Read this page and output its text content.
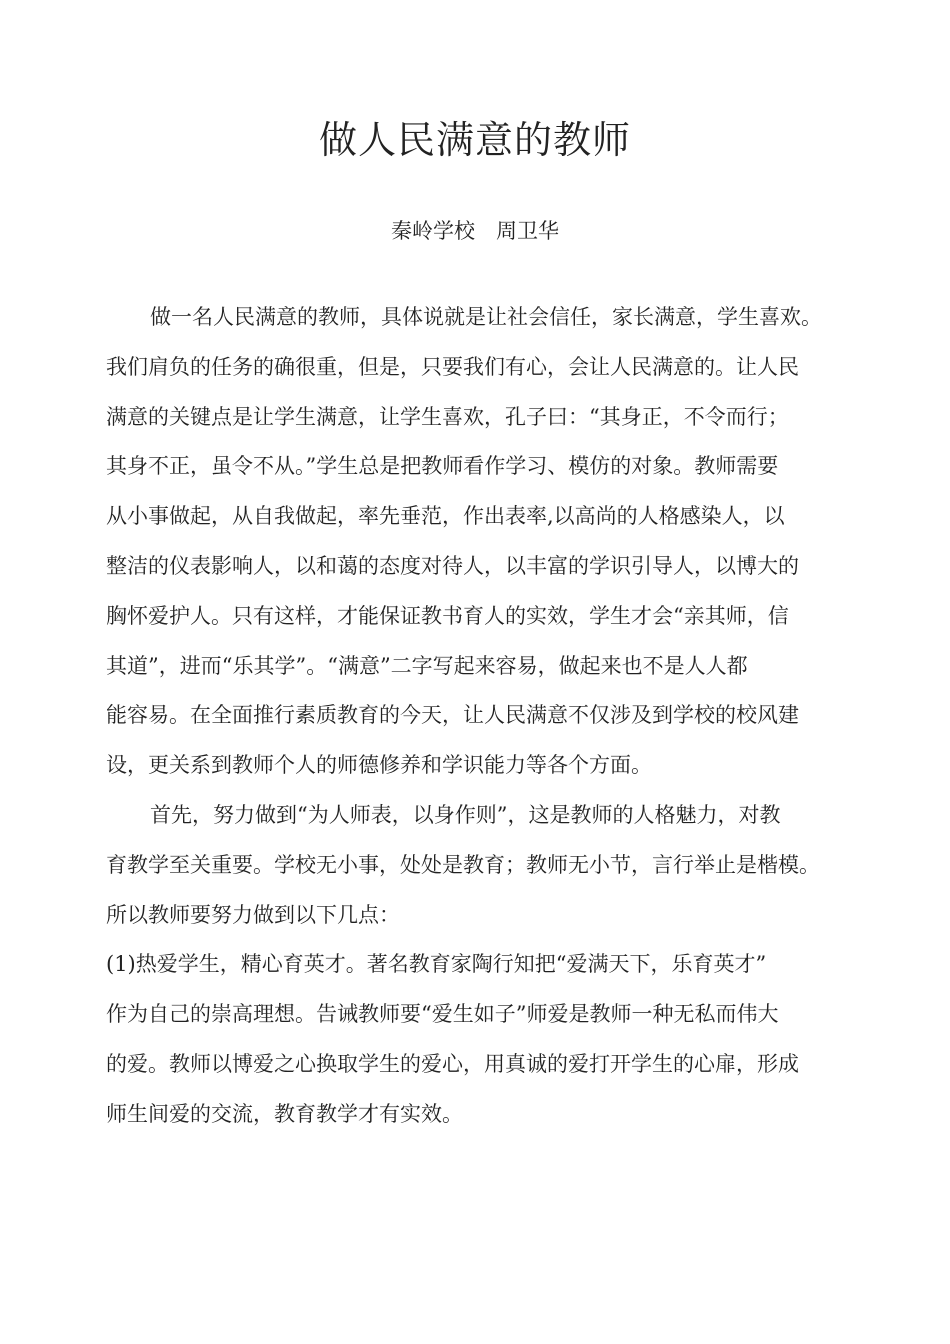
做人民满意的教师
秦岭学校　周卫华
做一名人民满意的教师，具体说就是让社会信任，家长满意，学生喜欢。
我们肩负的任务的确很重，但是，只要我们有心，会让人民满意的。让人民
满意的关键点是让学生满意，让学生喜欢，孔子曰：“其身正，不令而行；
其身不正，虽令不从。”学生总是把教师看作学习、模仿的对象。教师需要
从小事做起，从自我做起，率先垂范，作出表率,以高尚的人格感染人，以
整洁的仪表影响人，以和蔼的态度对待人，以丰富的学识引导人，以博大的
胸怀爱护人。只有这样，才能保证教书育人的实效，学生才会“亲其师，信
其道”，进而“乐其学”。“满意”二字写起来容易，做起来也不是人人都
能容易。在全面推行素质教育的今天，让人民满意不仅涉及到学校的校风建
设，更关系到教师个人的师德修养和学识能力等各个方面。
首先，努力做到“为人师表，以身作则”，这是教师的人格魅力，对教
育教学至关重要。学校无小事，处处是教育；教师无小节，言行举止是楷模。
所以教师要努力做到以下几点：
(1)热爱学生，精心育英才。著名教育家陶行知把“爱满天下，乐育英才”
作为自己的崇高理想。告诫教师要“爱生如子”师爱是教师一种无私而伟大
的爱。教师以博爱之心换取学生的爱心，用真诚的爱打开学生的心扉，形成
师生间爱的交流，教育教学才有实效。
